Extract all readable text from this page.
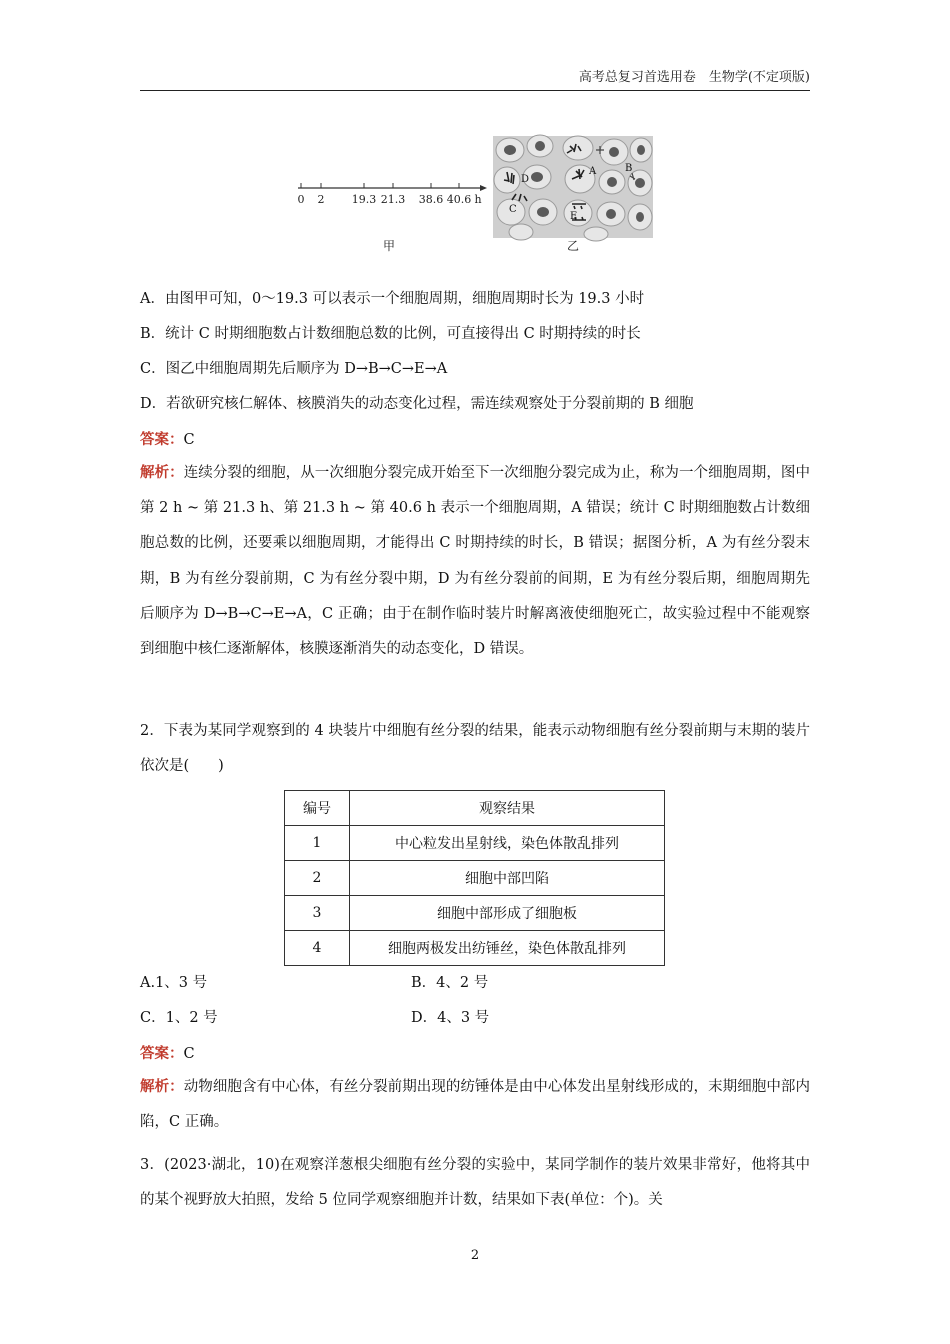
高考总复习首选用卷　生物学(不定项版)
0 2 19.3 21.3 38.6 40.6 h
甲
A	B
C
D
E
乙
A．由图甲可知，0～19.3 可以表示一个细胞周期，细胞周期时长为 19.3 小时
B．统计 C 时期细胞数占计数细胞总数的比例，可直接得出 C 时期持续的时长
C．图乙中细胞周期先后顺序为 D→B→C→E→A
D．若欲研究核仁解体、核膜消失的动态变化过程，需连续观察处于分裂前期的 B 细胞
答案：C
解析：连续分裂的细胞，从一次细胞分裂完成开始至下一次细胞分裂完成为止，称为一个细胞周期，图中第 2 h ~ 第 21.3 h、第 21.3 h ~ 第 40.6 h 表示一个细胞周期，A 错误；统计 C 时期细胞数占计数细胞总数的比例，还要乘以细胞周期，才能得出 C 时期持续的时长，B 错误；据图分析，A 为有丝分裂末期，B 为有丝分裂前期，C 为有丝分裂中期，D 为有丝分裂前的间期，E 为有丝分裂后期，细胞周期先后顺序为 D→B→C→E→A，C 正确；由于在制作临时装片时解离液使细胞死亡，故实验过程中不能观察到细胞中核仁逐渐解体，核膜逐渐消失的动态变化，D 错误。
2．下表为某同学观察到的 4 块装片中细胞有丝分裂的结果，能表示动物细胞有丝分裂前期与末期的装片依次是(　　)
编号	观察结果
1	中心粒发出星射线，染色体散乱排列
2	细胞中部凹陷
3	细胞中部形成了细胞板
4	细胞两极发出纺锤丝，染色体散乱排列
A.1、3 号	B．4、2 号
C．1、2 号	D．4、3 号
答案：C
解析：动物细胞含有中心体，有丝分裂前期出现的纺锤体是由中心体发出星射线形成的，末期细胞中部内陷，C 正确。
3．(2023·湖北，10)在观察洋葱根尖细胞有丝分裂的实验中，某同学制作的装片效果非常好，他将其中的某个视野放大拍照，发给 5 位同学观察细胞并计数，结果如下表(单位：个)。关
2
